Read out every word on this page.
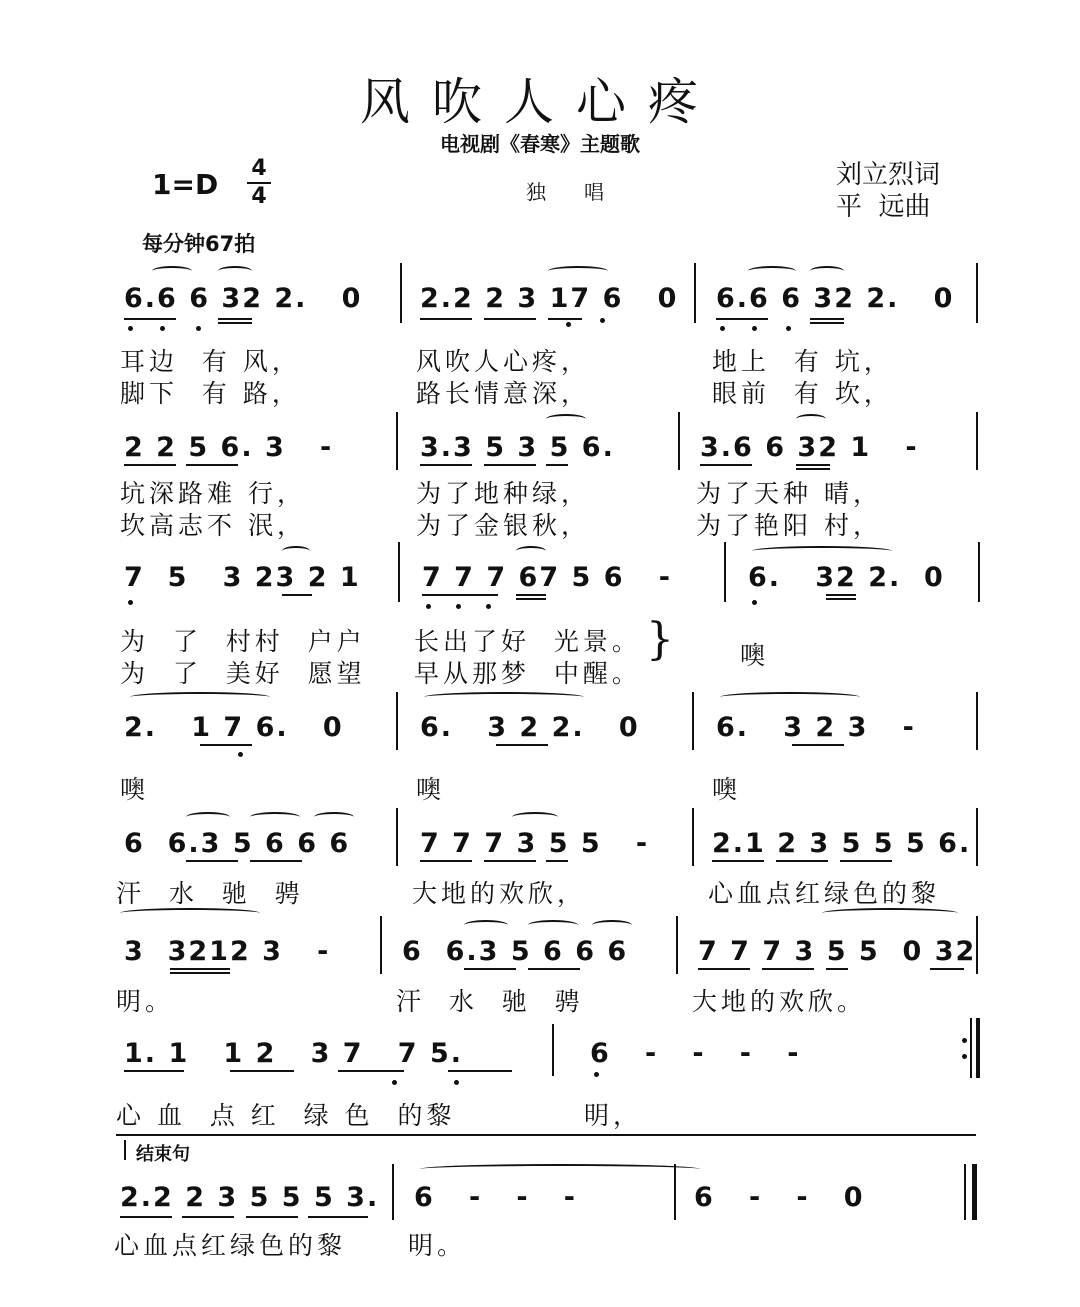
风吹人心疼
电视剧《春寒》主题歌
1=D 4
4	独唱
刘立烈词
平  远曲
每分钟67拍
6.6 6 32 2.   0 2.2 2 3 17 6   0 6.6 6 32 2.   0
耳边  有 风，	风吹人心疼，	地上  有 坑，
脚下  有 路，	路长情意深，	眼前  有 坎，
2 2 5 6. 3   -	3.3 5 3 5 6.	3.6 6 32 1   -
坑深路难 行，	为了地种绿，	为了天种 晴，
坎高志不 泯，	为了金银秋，	为了艳阳 村，
7  5   3 23 2 1 7 7 7 67 5 6   -	6.   32 2.  0
为  了  村村  户户 长出了好  光景。	噢
为  了  美好  愿望 早从那梦  中醒。
}
2.   1 7 6.   0	6.   3 2 2.   0	6.   3 2 3   -
噢	噢	噢
6  6.3 5 6 6 6	7 7 7 3 5 5   - 2.1 2 3 5 5 5 6.
汗  水  驰  骋	大地的欢欣，	心血点红绿色的黎
3  3212 3   -	6  6.3 5 6 6 6	7 7 7 3 5 5  0 32
明。	汗  水  驰  骋	大地的欢欣。
1. 1   1 2   3 7   7 5.	6   -   -   -   -
心 血  点 红  绿 色  的黎	明，
结束句
2.2 2 3 5 5 5 3. 6   -   -   -	6   -   -   0
心血点红绿色的黎 明。
